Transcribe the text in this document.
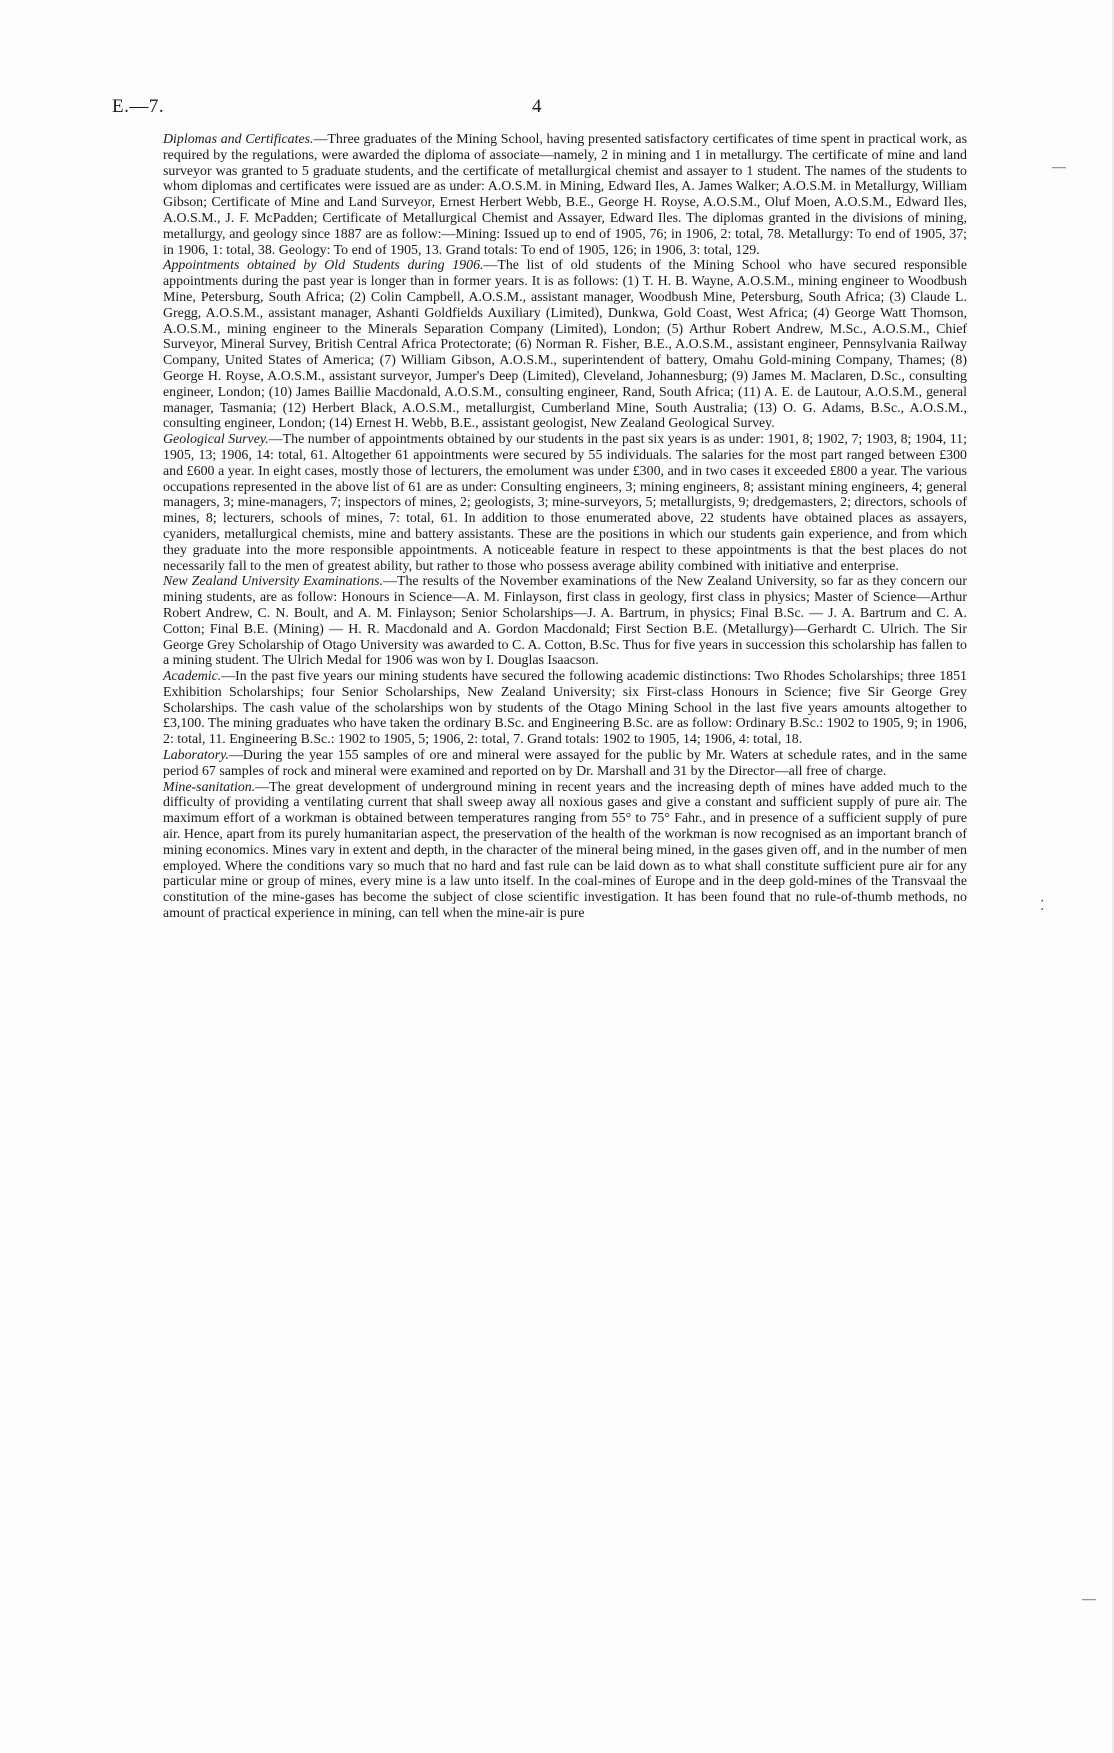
E.—7.	4

Diplomas and Certificates.—Three graduates of the Mining School, having presented satisfactory certificates of time spent in practical work, as required by the regulations, were awarded the diploma of associate—namely, 2 in mining and 1 in metallurgy. The certificate of mine and land surveyor was granted to 5 graduate students, and the certificate of metallurgical chemist and assayer to 1 student. The names of the students to whom diplomas and certificates were issued are as under: A.O.S.M. in Mining, Edward Iles, A. James Walker; A.O.S.M. in Metallurgy, William Gibson; Certificate of Mine and Land Surveyor, Ernest Herbert Webb, B.E., George H. Royse, A.O.S.M., Oluf Moen, A.O.S.M., Edward Iles, A.O.S.M., J. F. McPadden; Certificate of Metallurgical Chemist and Assayer, Edward Iles. The diplomas granted in the divisions of mining, metallurgy, and geology since 1887 are as follow:—Mining: Issued up to end of 1905, 76; in 1906, 2: total, 78. Metallurgy: To end of 1905, 37; in 1906, 1: total, 38. Geology: To end of 1905, 13. Grand totals: To end of 1905, 126; in 1906, 3: total, 129.

Appointments obtained by Old Students during 1906.—The list of old students of the Mining School who have secured responsible appointments during the past year is longer than in former years. It is as follows: (1) T. H. B. Wayne, A.O.S.M., mining engineer to Woodbush Mine, Petersburg, South Africa; (2) Colin Campbell, A.O.S.M., assistant manager, Woodbush Mine, Petersburg, South Africa; (3) Claude L. Gregg, A.O.S.M., assistant manager, Ashanti Goldfields Auxiliary (Limited), Dunkwa, Gold Coast, West Africa; (4) George Watt Thomson, A.O.S.M., mining engineer to the Minerals Separation Company (Limited), London; (5) Arthur Robert Andrew, M.Sc., A.O.S.M., Chief Surveyor, Mineral Survey, British Central Africa Protectorate; (6) Norman R. Fisher, B.E., A.O.S.M., assistant engineer, Pennsylvania Railway Company, United States of America; (7) William Gibson, A.O.S.M., superintendent of battery, Omahu Gold-mining Company, Thames; (8) George H. Royse, A.O.S.M., assistant surveyor, Jumper's Deep (Limited), Cleveland, Johannesburg; (9) James M. Maclaren, D.Sc., consulting engineer, London; (10) James Baillie Macdonald, A.O.S.M., consulting engineer, Rand, South Africa; (11) A. E. de Lautour, A.O.S.M., general manager, Tasmania; (12) Herbert Black, A.O.S.M., metallurgist, Cumberland Mine, South Australia; (13) O. G. Adams, B.Sc., A.O.S.M., consulting engineer, London; (14) Ernest H. Webb, B.E., assistant geologist, New Zealand Geological Survey.

Geological Survey.—The number of appointments obtained by our students in the past six years is as under: 1901, 8; 1902, 7; 1903, 8; 1904, 11; 1905, 13; 1906, 14: total, 61. Altogether 61 appointments were secured by 55 individuals. The salaries for the most part ranged between £300 and £600 a year. In eight cases, mostly those of lecturers, the emolument was under £300, and in two cases it exceeded £800 a year. The various occupations represented in the above list of 61 are as under: Consulting engineers, 3; mining engineers, 8; assistant mining engineers, 4; general managers, 3; mine-managers, 7; inspectors of mines, 2; geologists, 3; mine-surveyors, 5; metallurgists, 9; dredgemasters, 2; directors, schools of mines, 8; lecturers, schools of mines, 7: total, 61. In addition to those enumerated above, 22 students have obtained places as assayers, cyaniders, metallurgical chemists, mine and battery assistants. These are the positions in which our students gain experience, and from which they graduate into the more responsible appointments. A noticeable feature in respect to these appointments is that the best places do not necessarily fall to the men of greatest ability, but rather to those who possess average ability combined with initiative and enterprise.

New Zealand University Examinations.—The results of the November examinations of the New Zealand University, so far as they concern our mining students, are as follow: Honours in Science—A. M. Finlayson, first class in geology, first class in physics; Master of Science—Arthur Robert Andrew, C. N. Boult, and A. M. Finlayson; Senior Scholarships—J. A. Bartrum, in physics; Final B.Sc. — J. A. Bartrum and C. A. Cotton; Final B.E. (Mining) — H. R. Macdonald and A. Gordon Macdonald; First Section B.E. (Metallurgy)—Gerhardt C. Ulrich. The Sir George Grey Scholarship of Otago University was awarded to C. A. Cotton, B.Sc. Thus for five years in succession this scholarship has fallen to a mining student. The Ulrich Medal for 1906 was won by I. Douglas Isaacson.

Academic.—In the past five years our mining students have secured the following academic distinctions: Two Rhodes Scholarships; three 1851 Exhibition Scholarships; four Senior Scholarships, New Zealand University; six First-class Honours in Science; five Sir George Grey Scholarships. The cash value of the scholarships won by students of the Otago Mining School in the last five years amounts altogether to £3,100. The mining graduates who have taken the ordinary B.Sc. and Engineering B.Sc. are as follow: Ordinary B.Sc.: 1902 to 1905, 9; in 1906, 2: total, 11. Engineering B.Sc.: 1902 to 1905, 5; 1906, 2: total, 7. Grand totals: 1902 to 1905, 14; 1906, 4: total, 18.

Laboratory.—During the year 155 samples of ore and mineral were assayed for the public by Mr. Waters at schedule rates, and in the same period 67 samples of rock and mineral were examined and reported on by Dr. Marshall and 31 by the Director—all free of charge.

Mine-sanitation.—The great development of underground mining in recent years and the increasing depth of mines have added much to the difficulty of providing a ventilating current that shall sweep away all noxious gases and give a constant and sufficient supply of pure air. The maximum effort of a workman is obtained between temperatures ranging from 55° to 75° Fahr., and in presence of a sufficient supply of pure air. Hence, apart from its purely humanitarian aspect, the preservation of the health of the workman is now recognised as an important branch of mining economics. Mines vary in extent and depth, in the character of the mineral being mined, in the gases given off, and in the number of men employed. Where the conditions vary so much that no hard and fast rule can be laid down as to what shall constitute sufficient pure air for any particular mine or group of mines, every mine is a law unto itself. In the coal-mines of Europe and in the deep gold-mines of the Transvaal the constitution of the mine-gases has become the subject of close scientific investigation. It has been found that no rule-of-thumb methods, no amount of practical experience in mining, can tell when the mine-air is pure

—
⁚
—
